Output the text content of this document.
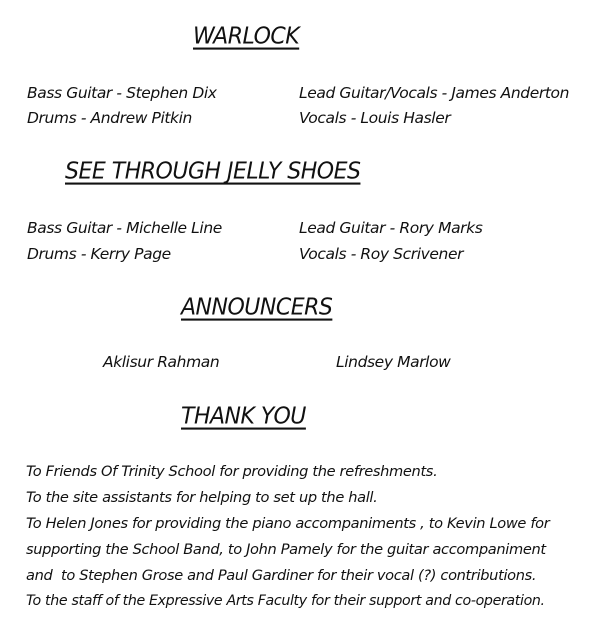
WARLOCK
Bass Guitar - Stephen Dix
Drums - Andrew Pitkin
Lead Guitar/Vocals - James Anderton
Vocals - Louis Hasler
SEE THROUGH JELLY SHOES
Bass Guitar - Michelle Line
Drums - Kerry Page
Lead Guitar - Rory Marks
Vocals - Roy Scrivener
ANNOUNCERS
Aklisur Rahman	Lindsey Marlow
THANK YOU
To Friends Of Trinity School for providing the refreshments.
To the site assistants for helping to set up the hall.
To Helen Jones for providing the piano accompaniments , to Kevin Lowe for
supporting the School Band, to John Pamely for the guitar accompaniment
and  to Stephen Grose and Paul Gardiner for their vocal (?) contributions.
To the staff of the Expressive Arts Faculty for their support and co-operation.
